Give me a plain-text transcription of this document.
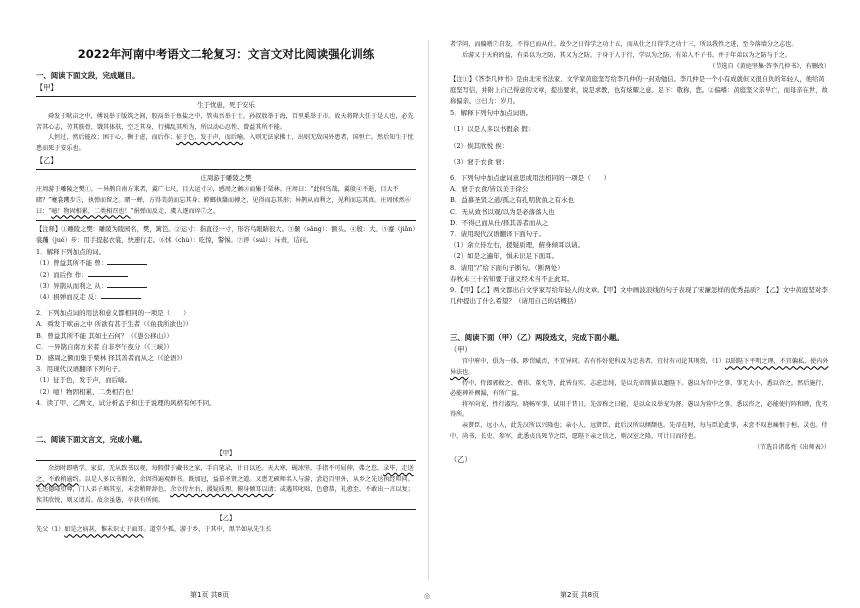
2022年河南中考语文二轮复习：文言文对比阅读强化训练
一、阅读下面文段，完成题目。
【甲】
生于忧患，死于安乐

舜发于畎亩之中，傅说举于版筑之间，胶鬲举于鱼盐之中，管夷吾举于士，孙叔敖举于海，百里奚举于市。故天将降大任于是人也，必先苦其心志，劳其筋骨，饿其体肤，空乏其身，行拂乱其所为，所以动心忍性，曾益其所不能。

人恒过，然后能改；困于心，衡于虑，而后作；征于色，发于声，而后喻。入则无法家拂士，出则无敌国外患者，国恒亡。然后知生于忧患而死于安乐也。

【乙】
庄周游于雕陵之樊

庄周游于雕陵之樊①，一异鹊自南方来者，翼广七尺，目大运寸②，感周之颡③而集于栗林。庄周曰：“此何鸟哉，翼殷④不逝，目大不睹？”蹇裳躩步⑤，执弹而留之。睹一蝉，方得美荫而忘其身；螳螂执翳而搏之，见得而忘其形；异鹊从而利之，见利而忘其真。庄周怵然⑥曰：“噫！物固相累，二类相召也！”捐弹而反走，虞人逐而谇⑦之。

【注释】①雕陵之樊：雕陵为陵园名，樊，篱笆。②运寸：指直径一寸，形容鸟眼睛很大。③颡（sǎng）：额头。④殷：大。⑤蹇（jiǎn）裳躩（jué）步：用手提起衣裳，快速行走。⑥怵（chù）：吃惊，警惕。⑦谇（suì）：斥责，诘问。

1．解释下列加点的词。

（1）曾益其所不能 曾：

（2）而后作 作：

（3）异鹊从而利之 从：

（4）捐弹而反走 反：

2．下列加点词的用法和意义都相同的一项是（　　）

A．舜发于畎亩之中 所欲有甚于生者（《鱼我所欲也》）

B．曾益其所不能 其如土石何？（《愚公移山》）

C．一异鹊自南方来者 自非亭午夜分（《三峡》）

D．感周之额而集于栗林 择其善者而从之（《论语》）

3．用现代汉语翻译下列句子。

（1）征于色，发于声，而后喻。

（2）噫！物固相累，二类相召也！

4．读了甲、乙两文，试分析孟子和庄子说理的风格有何不同。

二、阅读下面文言文，完成小题。
【甲】

余幼时即嗜学。家贫，无从致书以观，每假借于藏书之家，手自笔录，计日以还。天大寒，砚冰坚，手指不可屈伸，弗之怠。录毕，走送之，不敢稍逾约。以是人多以书假余，余因得遍观群书。既加冠，益慕圣贤之道。又患无硕师名人与游，尝趋百里外，从乡之先达执经叩问。先达德隆望尊，门人弟子填其室，未尝稍降辞色。余立侍左右，援疑质理，俯身倾耳以请；或遇其叱咄，色愈恭，礼愈至，不敢出一言以复；俟其欣悦，则又请焉。故余虽愚，卒获有所闻。

【乙】

先父（1）如是之病甚，惟未识丈于面耳。道堂少孤，游于乡，于其中，黑半如从先生长

者学问，而偏嗜⑦自发，不得已而从仕。故少之日得学之功十五，而从仕之日得学之功十三，所以我性之进，至今落墙分之志也。

后游又于天府的益，有弟以为之防，其又为之防，于身于人于行，学以为之防，有弟人不子书。并于年弟以为之防与于之。

（节选自《黄庭坚集·答李几仲书》，有删改）

【注①】《答李几仲书》是由北宋书法家、文学家黄庭坚写给李几仲的一封劝勉信。李几仲是一个小有成就但又很自负的年轻人，他给黄庭坚写信，并附上自己得意的文章，提出要求，说是求教，也有炫耀之意。足下：敬称，您。②偏嗜：黄庭坚父亲早亡，而母亲在世，故称偏亲。③日力：岁月。

5．解释下列句中加点词语。

（1）以是人多以书假余 假：

（2）俟其欣悦 俟：

（3）窘于衣食 窘：

6．下列句中加点虚词意思或用法相同的一项是（　　）

A．窘于衣食/皆以美于徐公

B．益慕圣贤之道/孤之有孔明犹鱼之有水也

C．无从致书以观/以为是必落落人也

D．不得已而从仕/择其善者而从之

7．请用现代汉语翻译下面句子。

（1）余立侍左右，援疑质理，俯身倾耳以请。

（2）如是之遍年，惧未识足下面耳。

8．请用“/”给下面句子断句。（断两处）

春秋未三十若知要于道义经术当不止此耳。

9．【甲】【乙】两文都出自文学家写给年轻人的文章。【甲】文中画波浪线的句子表现了宋濂怎样的优秀品质？【乙】文中黄庭坚对李几仲提出了什么希望？（请用自己的话概括）

三、阅读下面（甲）（乙）两段选文，完成下面小题。
（甲）

宫中府中，俱为一体，陟罚臧否，不宜异同。若有作奸犯科及为忠善者，宜付有司论其刑赏，（1）以昭陛下平明之理，不宜偏私，使内外异法也。

侍中、侍郎郭攸之、费祎、董允等，此皆良实，志虑忠纯，是以先帝简拔以遗陛下。愚以为宫中之事，事无大小，悉以咨之，然后施行，必能裨补阙漏，有所广益。

将军向宠，性行淑均，晓畅军事，试用于昔日，先帝称之曰能，是以众议举宠为督。愚以为营中之事，悉以咨之，必能使行阵和睦，优劣得所。

亲贤臣，远小人，此先汉所以兴隆也；亲小人，远贤臣，此后汉所以倾颓也。先帝在时，每与臣论此事，未尝不叹息痛恨于桓、灵也。侍中、尚书、长史、参军，此悉贞良死节之臣，愿陛下亲之信之，则汉室之隆，可计日而待也。

（节选自诸葛亮《出师表》）
（乙）
第1页 共8页	◎	第2页 共8页
